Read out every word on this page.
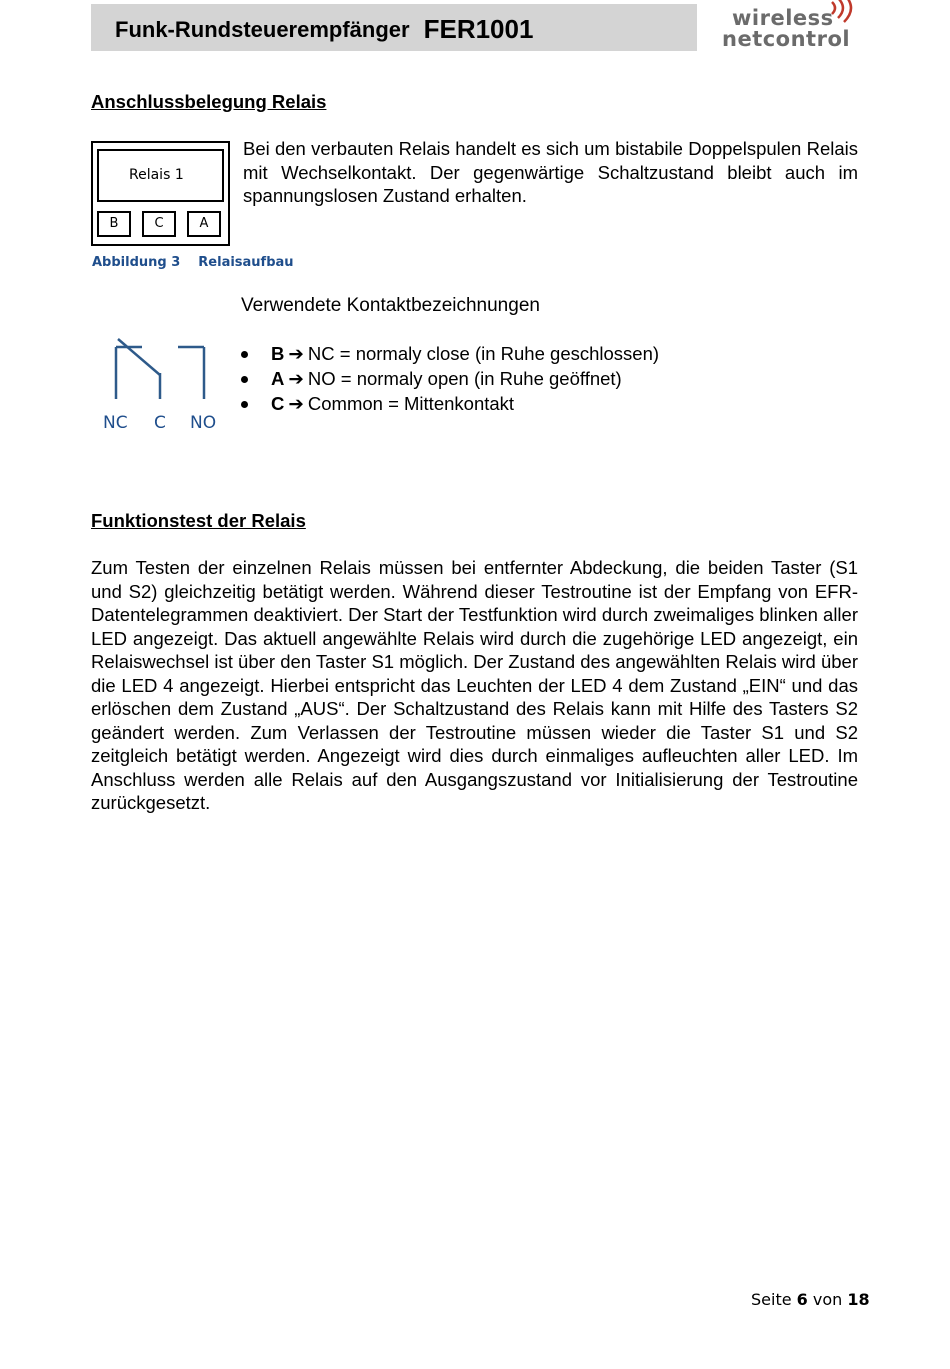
Funk-Rundsteuerempfänger FER1001	wireless
netcontrol
Anschlussbelegung Relais
Relais 1
B	C	A

Bei den verbauten Relais handelt es sich um bistabile Doppelspulen Relais mit Wechselkontakt. Der gegenwärtige Schaltzustand bleibt auch im spannungslosen Zustand erhalten.

Abbildung 3 Relaisaufbau
Verwendete Kontaktbezeichnungen
NC C NO
B ➔ NC = normaly close (in Ruhe geschlossen)
A ➔ NO = normaly open (in Ruhe geöffnet)
C ➔ Common = Mittenkontakt
Funktionstest der Relais

Zum Testen der einzelnen Relais müssen bei entfernter Abdeckung, die beiden Taster (S1 und S2) gleichzeitig betätigt werden. Während dieser Testroutine ist der Empfang von EFR-Datentelegrammen deaktiviert. Der Start der Testfunktion wird durch zweimaliges blinken aller LED angezeigt. Das aktuell angewählte Relais wird durch die zugehörige LED angezeigt, ein Relaiswechsel ist über den Taster S1 möglich. Der Zustand des angewählten Relais wird über die LED 4 angezeigt. Hierbei entspricht das Leuchten der LED 4 dem Zustand „EIN“ und das erlöschen dem Zustand „AUS“. Der Schaltzustand des Relais kann mit Hilfe des Tasters S2 geändert werden. Zum Verlassen der Testroutine müssen wieder die Taster S1 und S2 zeitgleich betätigt werden. Angezeigt wird dies durch einmaliges aufleuchten aller LED. Im Anschluss werden alle Relais auf den Ausgangszustand vor Initialisierung der Testroutine zurückgesetzt.

Seite 6 von 18
